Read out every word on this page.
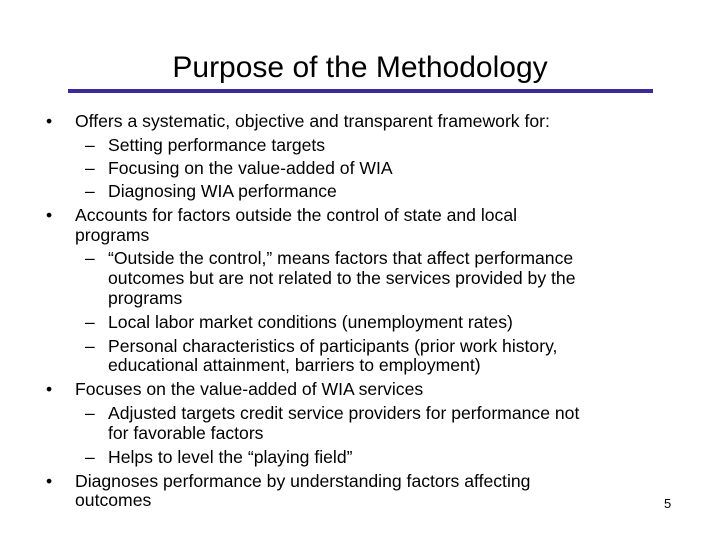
Purpose of the Methodology
• Offers a systematic, objective and transparent framework for:
– Setting performance targets
– Focusing on the value-added of WIA
– Diagnosing WIA performance
• Accounts for factors outside the control of state and local
programs
– “Outside the control,” means factors that affect performance
outcomes but are not related to the services provided by the
programs
– Local labor market conditions (unemployment rates)
– Personal characteristics of participants (prior work history,
educational attainment, barriers to employment)
• Focuses on the value-added of WIA services
– Adjusted targets credit service providers for performance not
for favorable factors
– Helps to level the “playing field”
• Diagnoses performance by understanding factors affecting
outcomes	5
